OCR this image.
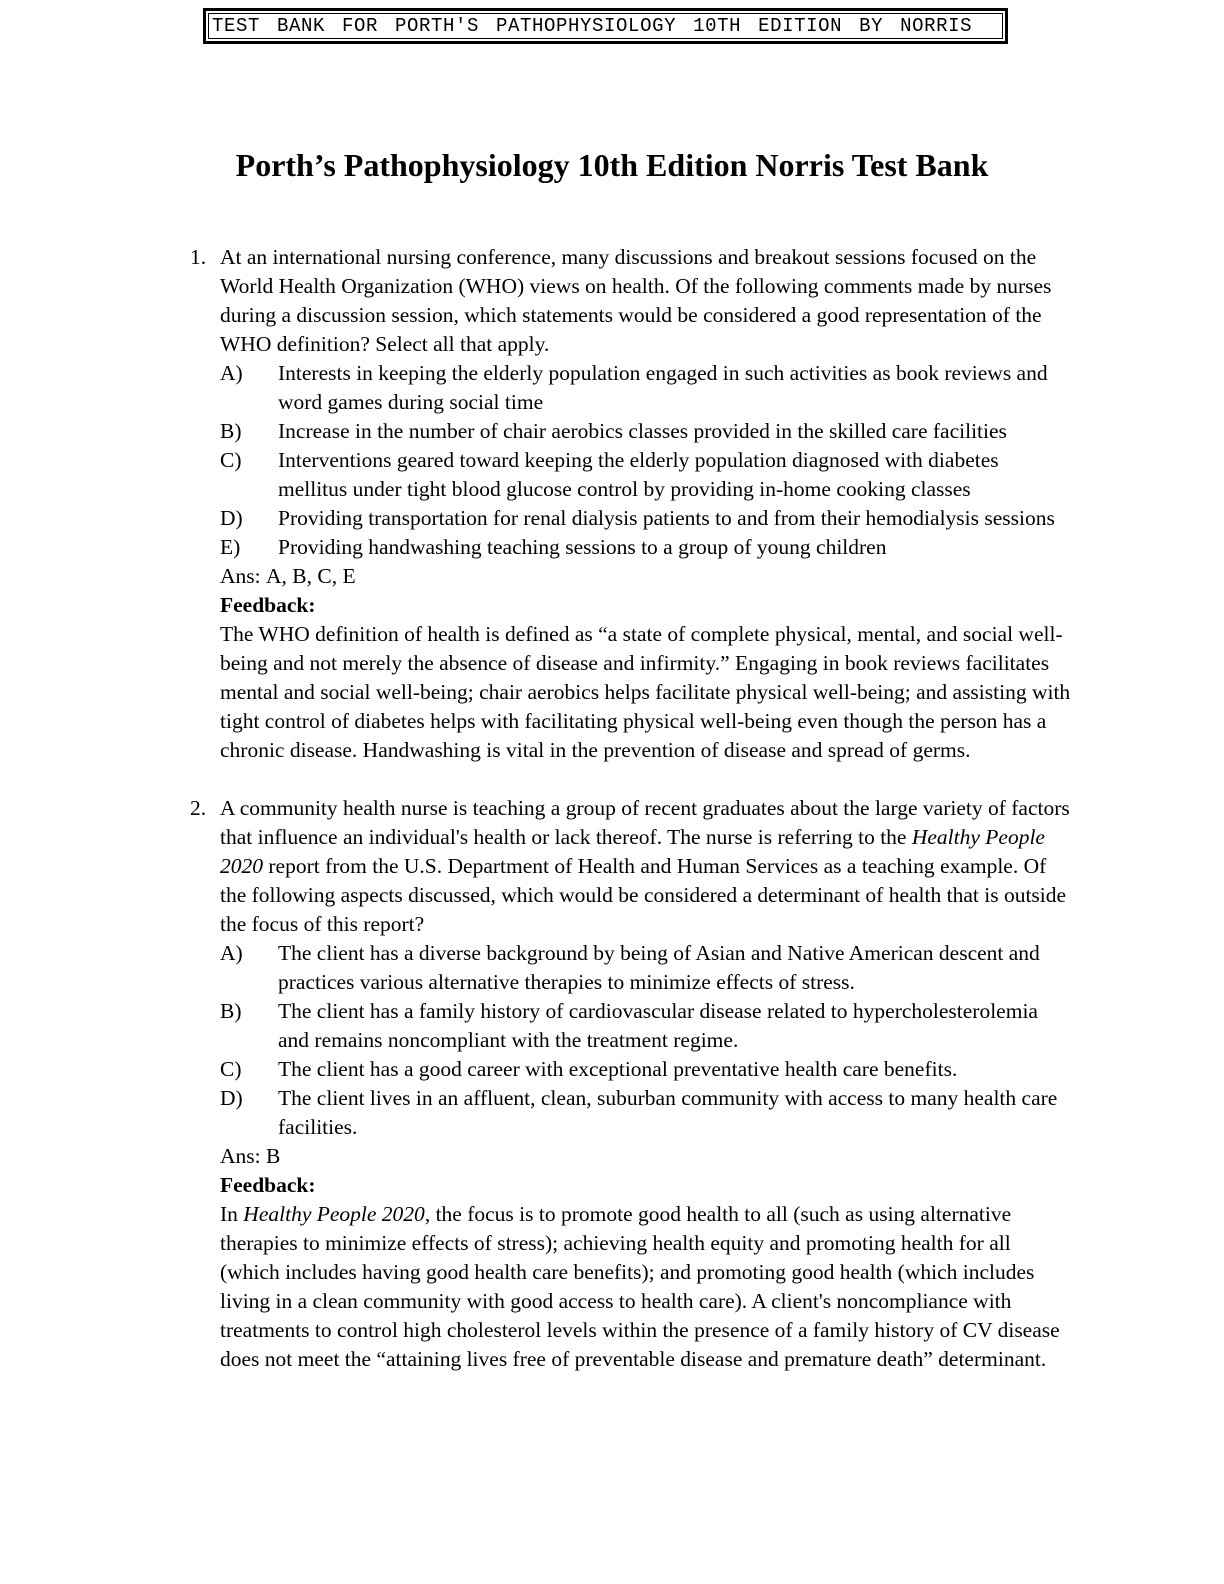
TEST BANK FOR PORTH'S PATHOPHYSIOLOGY 10TH EDITION BY NORRIS
Porth’s Pathophysiology 10th Edition Norris Test Bank
1. At an international nursing conference, many discussions and breakout sessions focused on the World Health Organization (WHO) views on health. Of the following comments made by nurses during a discussion session, which statements would be considered a good representation of the WHO definition? Select all that apply.
A)	Interests in keeping the elderly population engaged in such activities as book reviews and word games during social time
B)	Increase in the number of chair aerobics classes provided in the skilled care facilities
C)	Interventions geared toward keeping the elderly population diagnosed with diabetes mellitus under tight blood glucose control by providing in-home cooking classes
D)	Providing transportation for renal dialysis patients to and from their hemodialysis sessions
E)	Providing handwashing teaching sessions to a group of young children
Ans: A, B, C, E
Feedback:
The WHO definition of health is defined as “a state of complete physical, mental, and social well-being and not merely the absence of disease and infirmity.” Engaging in book reviews facilitates mental and social well-being; chair aerobics helps facilitate physical well-being; and assisting with tight control of diabetes helps with facilitating physical well-being even though the person has a chronic disease. Handwashing is vital in the prevention of disease and spread of germs.
2. A community health nurse is teaching a group of recent graduates about the large variety of factors that influence an individual's health or lack thereof. The nurse is referring to the Healthy People 2020 report from the U.S. Department of Health and Human Services as a teaching example. Of the following aspects discussed, which would be considered a determinant of health that is outside the focus of this report?
A)	The client has a diverse background by being of Asian and Native American descent and practices various alternative therapies to minimize effects of stress.
B)	The client has a family history of cardiovascular disease related to hypercholesterolemia and remains noncompliant with the treatment regime.
C)	The client has a good career with exceptional preventative health care benefits.
D)	The client lives in an affluent, clean, suburban community with access to many health care facilities.
Ans: B
Feedback:
In Healthy People 2020, the focus is to promote good health to all (such as using alternative therapies to minimize effects of stress); achieving health equity and promoting health for all (which includes having good health care benefits); and promoting good health (which includes living in a clean community with good access to health care). A client's noncompliance with treatments to control high cholesterol levels within the presence of a family history of CV disease does not meet the “attaining lives free of preventable disease and premature death” determinant.
